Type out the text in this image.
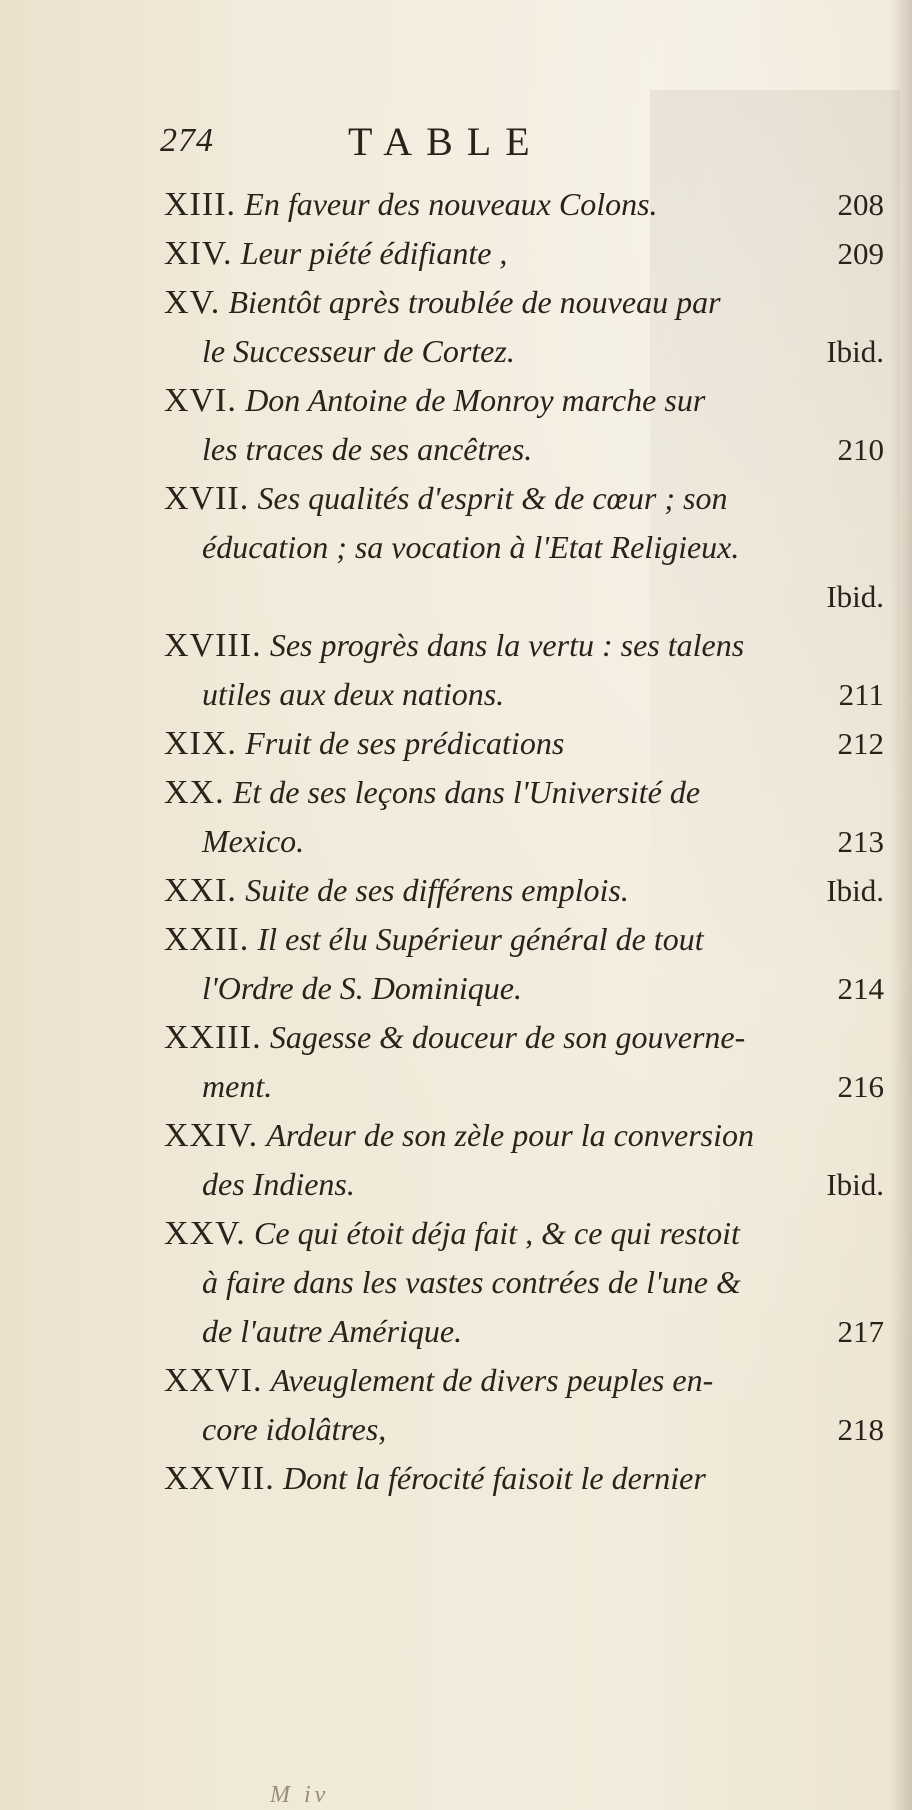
274	TABLE
XIII. En faveur des nouveaux Colons.	208
XIV. Leur piété édifiante ,	209
XV. Bientôt après troublée de nouveau par
le Successeur de Cortez.	Ibid.
XVI. Don Antoine de Monroy marche sur
les traces de ses ancêtres.	210
XVII. Ses qualités d'esprit & de cœur ; son
éducation ; sa vocation à l'Etat Religieux.
Ibid.
XVIII. Ses progrès dans la vertu : ses talens
utiles aux deux nations.	211
XIX. Fruit de ses prédications	212
XX. Et de ses leçons dans l'Université de
Mexico.	213
XXI. Suite de ses différens emplois.	Ibid.
XXII. Il est élu Supérieur général de tout
l'Ordre de S. Dominique.	214
XXIII. Sagesse & douceur de son gouverne-
ment.	216
XXIV. Ardeur de son zèle pour la conversion
des Indiens.	Ibid.
XXV. Ce qui étoit déja fait , & ce qui restoit
à faire dans les vastes contrées de l'une &
de l'autre Amérique.	217
XXVI. Aveuglement de divers peuples en-
core idolâtres,	218
XXVII. Dont la férocité faisoit le dernier
M iv
